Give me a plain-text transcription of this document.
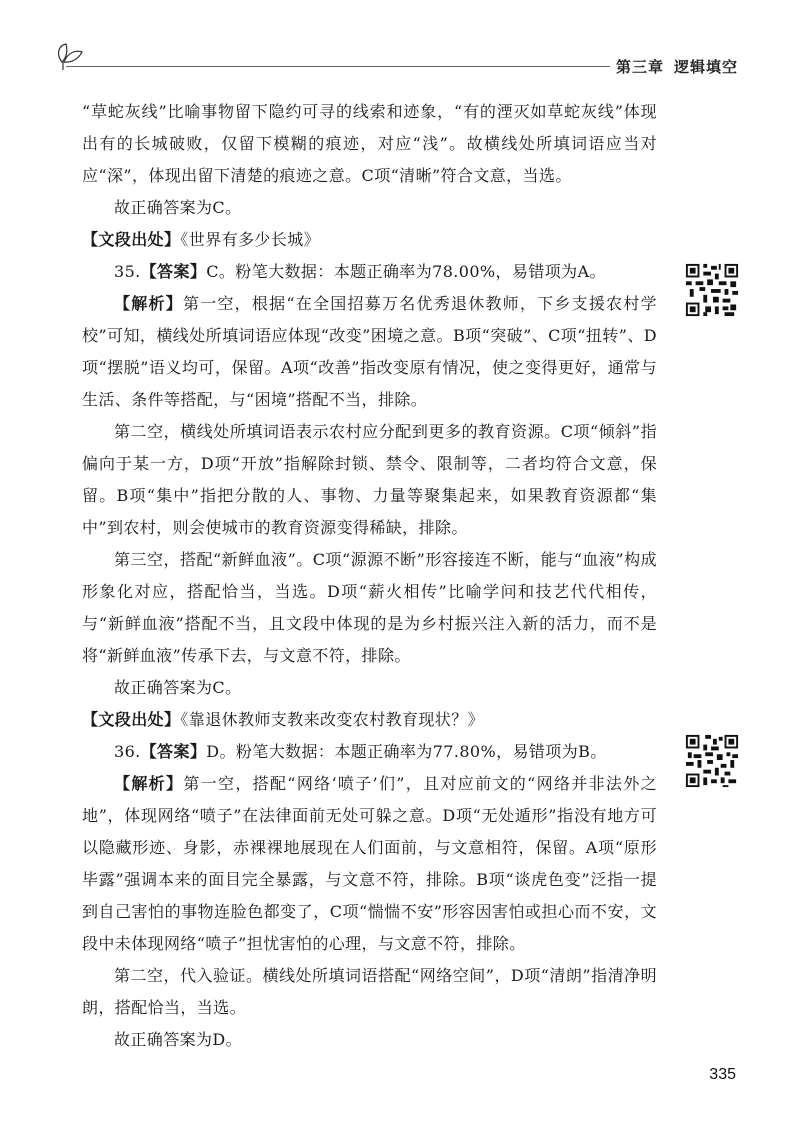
第三章 逻辑填空

“草蛇灰线”比喻事物留下隐约可寻的线索和迹象，“有的湮灭如草蛇灰线”体现出有的长城破败，仅留下模糊的痕迹，对应“浅”。故横线处所填词语应当对应“深”，体现出留下清楚的痕迹之意。C项“清晰”符合文意，当选。

故正确答案为C。

【文段出处】《世界有多少长城》

35.【答案】C。粉笔大数据：本题正确率为78.00%，易错项为A。

【解析】第一空，根据“在全国招募万名优秀退休教师，下乡支援农村学校”可知，横线处所填词语应体现“改变”困境之意。B项“突破”、C项“扭转”、D项“摆脱”语义均可，保留。A项“改善”指改变原有情况，使之变得更好，通常与生活、条件等搭配，与“困境”搭配不当，排除。

第二空，横线处所填词语表示农村应分配到更多的教育资源。C项“倾斜”指偏向于某一方，D项“开放”指解除封锁、禁令、限制等，二者均符合文意，保留。B项“集中”指把分散的人、事物、力量等聚集起来，如果教育资源都“集中”到农村，则会使城市的教育资源变得稀缺，排除。

第三空，搭配“新鲜血液”。C项“源源不断”形容接连不断，能与“血液”构成形象化对应，搭配恰当，当选。D项“薪火相传”比喻学问和技艺代代相传，与“新鲜血液”搭配不当，且文段中体现的是为乡村振兴注入新的活力，而不是将“新鲜血液”传承下去，与文意不符，排除。

故正确答案为C。

【文段出处】《靠退休教师支教来改变农村教育现状？》

36.【答案】D。粉笔大数据：本题正确率为77.80%，易错项为B。

【解析】第一空，搭配“网络‘喷子’们”，且对应前文的“网络并非法外之地”，体现网络“喷子”在法律面前无处可躲之意。D项“无处遁形”指没有地方可以隐藏形迹、身影，赤裸裸地展现在人们面前，与文意相符，保留。A项“原形毕露”强调本来的面目完全暴露，与文意不符，排除。B项“谈虎色变”泛指一提到自己害怕的事物连脸色都变了，C项“惴惴不安”形容因害怕或担心而不安，文段中未体现网络“喷子”担忧害怕的心理，与文意不符，排除。

第二空，代入验证。横线处所填词语搭配“网络空间”，D项“清朗”指清净明朗，搭配恰当，当选。

故正确答案为D。

335
